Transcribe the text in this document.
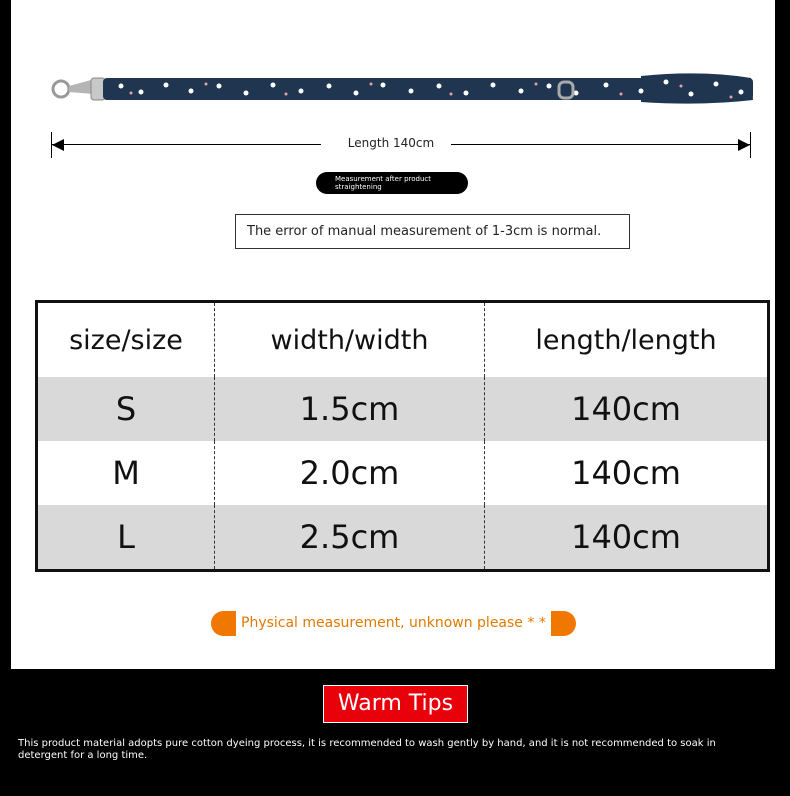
Length 140cm
Measurement after product straightening
The error of manual measurement of 1-3cm is normal.
size/size	width/width	length/length
S	1.5cm	140cm
M	2.0cm	140cm
L	2.5cm	140cm
Physical measurement, unknown please * *
Warm Tips
This product material adopts pure cotton dyeing process, it is recommended to wash gently by hand, and it is not recommended to soak in detergent for a long time.
